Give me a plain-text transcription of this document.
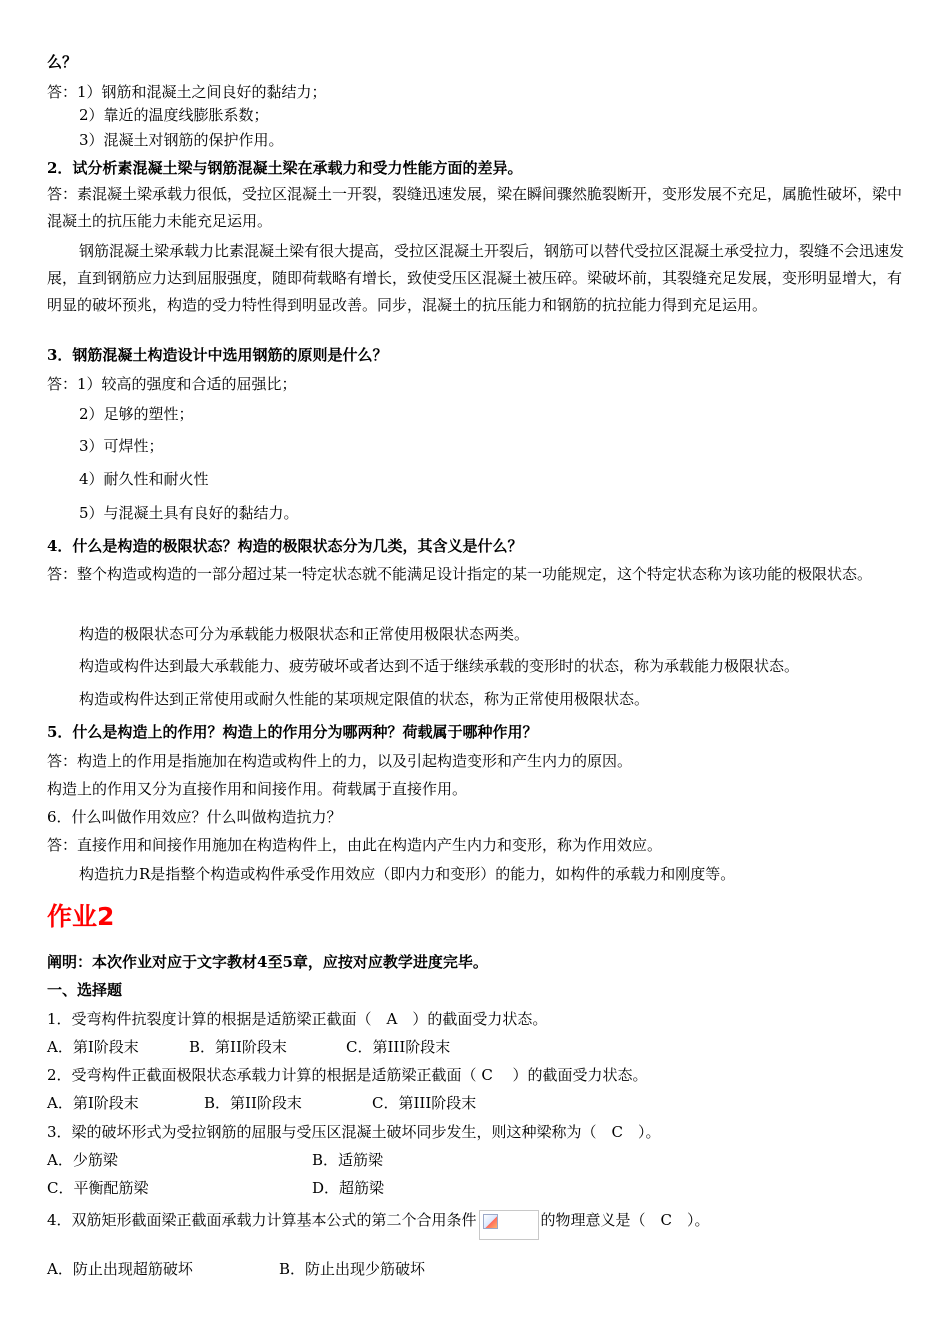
么？
答：1）钢筋和混凝土之间良好的黏结力；
2）靠近的温度线膨胀系数；
3）混凝土对钢筋的保护作用。
2．试分析素混凝土梁与钢筋混凝土梁在承载力和受力性能方面的差异。
答：素混凝土梁承载力很低，受拉区混凝土一开裂，裂缝迅速发展，梁在瞬间骤然脆裂断开，变形发展不充足，属脆性破坏，梁中混凝土的抗压能力未能充足运用。
钢筋混凝土梁承载力比素混凝土梁有很大提高，受拉区混凝土开裂后，钢筋可以替代受拉区混凝土承受拉力，裂缝不会迅速发展，直到钢筋应力达到屈服强度，随即荷载略有增长，致使受压区混凝土被压碎。梁破坏前，其裂缝充足发展，变形明显增大，有明显的破坏预兆，构造的受力特性得到明显改善。同步，混凝土的抗压能力和钢筋的抗拉能力得到充足运用。
3．钢筋混凝土构造设计中选用钢筋的原则是什么？
答：1）较高的强度和合适的屈强比；
2）足够的塑性；
3）可焊性；
4）耐久性和耐火性
5）与混凝土具有良好的黏结力。
4．什么是构造的极限状态？构造的极限状态分为几类，其含义是什么？
答：整个构造或构造的一部分超过某一特定状态就不能满足设计指定的某一功能规定，这个特定状态称为该功能的极限状态。
构造的极限状态可分为承载能力极限状态和正常使用极限状态两类。
构造或构件达到最大承载能力、疲劳破坏或者达到不适于继续承载的变形时的状态，称为承载能力极限状态。
构造或构件达到正常使用或耐久性能的某项规定限值的状态，称为正常使用极限状态。
5．什么是构造上的作用？构造上的作用分为哪两种？荷载属于哪种作用？
答：构造上的作用是指施加在构造或构件上的力，以及引起构造变形和产生内力的原因。
构造上的作用又分为直接作用和间接作用。荷载属于直接作用。
6．什么叫做作用效应？什么叫做构造抗力？
答：直接作用和间接作用施加在构造构件上，由此在构造内产生内力和变形，称为作用效应。
构造抗力R是指整个构造或构件承受作用效应（即内力和变形）的能力，如构件的承载力和刚度等。
作业2
阐明：本次作业对应于文字教材4至5章，应按对应教学进度完毕。
一、选择题
1．受弯构件抗裂度计算的根据是适筋梁正截面（　A　）的截面受力状态。
A．第I阶段末	B．第II阶段末	C．第III阶段末
2．受弯构件正截面极限状态承载力计算的根据是适筋梁正截面（ C　 ）的截面受力状态。
A．第I阶段末	B．第II阶段末	C．第III阶段末
3．梁的破坏形式为受拉钢筋的屈服与受压区混凝土破坏同步发生，则这种梁称为（　C　）。
A．少筋梁	B．适筋梁
C．平衡配筋梁	D．超筋梁
4．双筋矩形截面梁正截面承载力计算基本公式的第二个合用条件	的物理意义是（　C　）。
A．防止出现超筋破坏	B．防止出现少筋破坏
